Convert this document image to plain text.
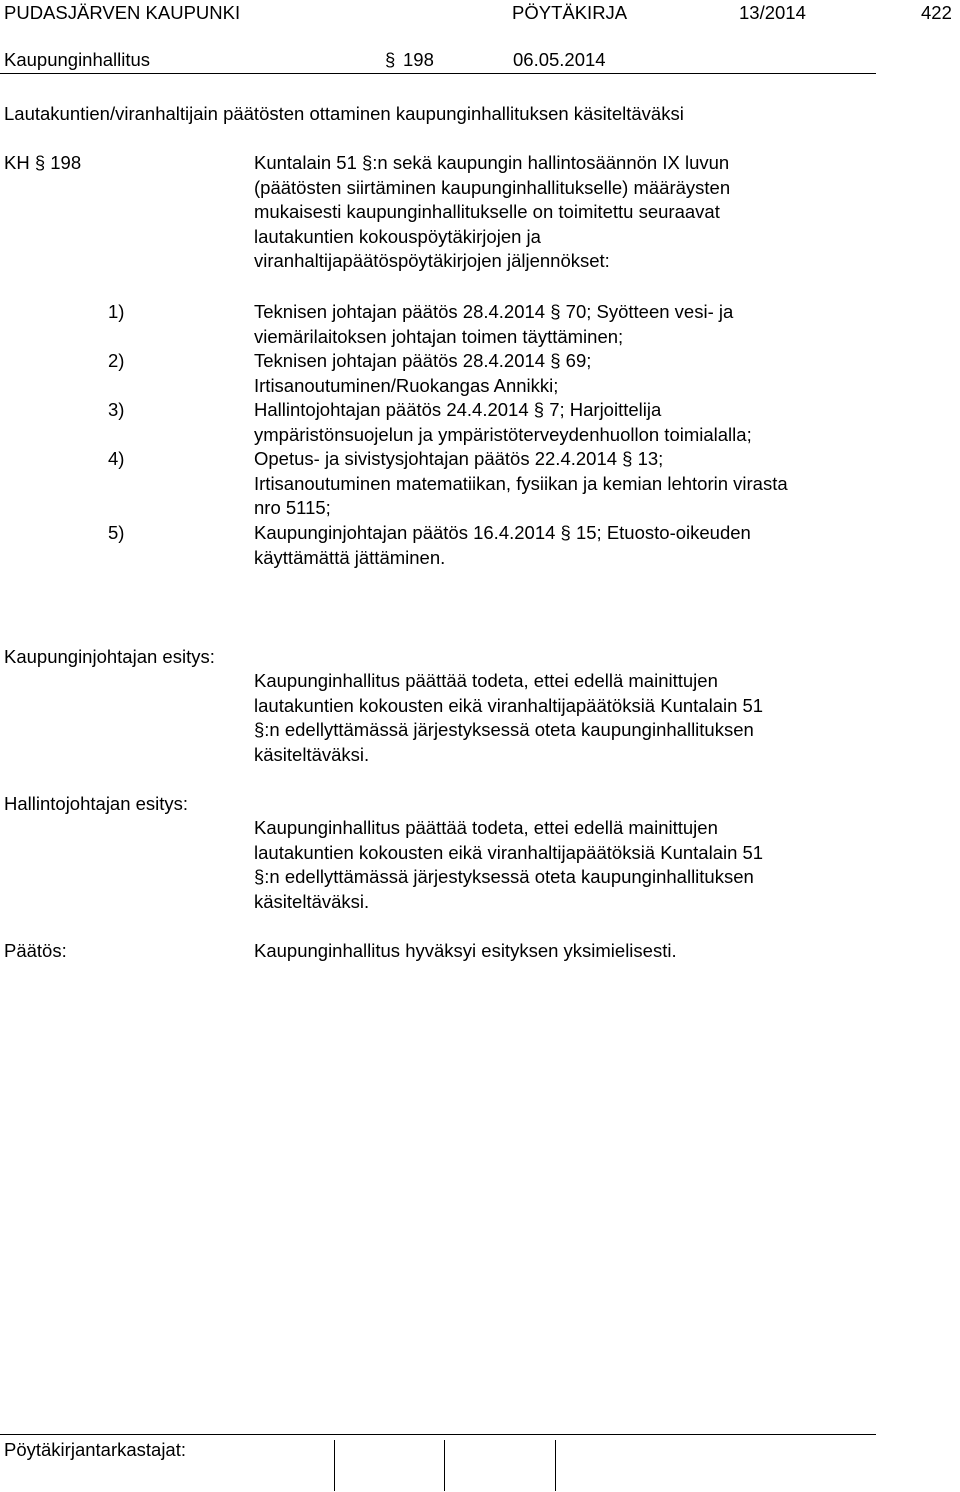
PUDASJÄRVEN KAUPUNKI	PÖYTÄKIRJA	13/2014	422
Kaupunginhallitus	§ 198	06.05.2014
Lautakuntien/viranhaltijain päätösten ottaminen kaupunginhallituksen käsiteltäväksi
KH § 198	Kuntalain 51 §:n sekä kaupungin hallintosäännön IX luvun
(päätösten siirtäminen kaupunginhallitukselle) määräysten
mukaisesti kaupunginhallitukselle on toimitettu seuraavat
lautakuntien kokouspöytäkirjojen ja
viranhaltijapäätöspöytäkirjojen jäljennökset:
1)	Teknisen johtajan päätös 28.4.2014 § 70; Syötteen vesi- ja
viemärilaitoksen johtajan toimen täyttäminen;
2)	Teknisen johtajan päätös 28.4.2014 § 69;
Irtisanoutuminen/Ruokangas Annikki;
3)	Hallintojohtajan päätös 24.4.2014 § 7; Harjoittelija
ympäristönsuojelun ja ympäristöterveydenhuollon toimialalla;
4)	Opetus- ja sivistysjohtajan päätös 22.4.2014 § 13;
Irtisanoutuminen matematiikan, fysiikan ja kemian lehtorin virasta
nro 5115;
5)	Kaupunginjohtajan päätös 16.4.2014 § 15; Etuosto-oikeuden
käyttämättä jättäminen.
Kaupunginjohtajan esitys:
Kaupunginhallitus päättää todeta, ettei edellä mainittujen
lautakuntien kokousten eikä viranhaltijapäätöksiä Kuntalain 51
§:n edellyttämässä järjestyksessä oteta kaupunginhallituksen
käsiteltäväksi.
Hallintojohtajan esitys:
Kaupunginhallitus päättää todeta, ettei edellä mainittujen
lautakuntien kokousten eikä viranhaltijapäätöksiä Kuntalain 51
§:n edellyttämässä järjestyksessä oteta kaupunginhallituksen
käsiteltäväksi.
Päätös:	Kaupunginhallitus hyväksyi esityksen yksimielisesti.
Pöytäkirjantarkastajat:
